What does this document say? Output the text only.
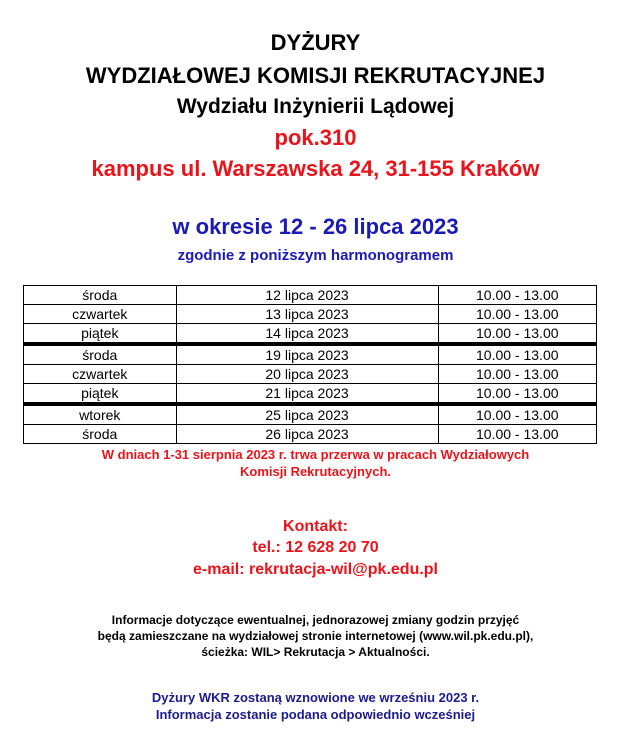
DYŻURY
WYDZIAŁOWEJ KOMISJI REKRUTACYJNEJ
Wydziału Inżynierii Lądowej
pok.310
kampus ul. Warszawska 24, 31-155 Kraków
w okresie 12 - 26 lipca 2023
zgodnie z poniższym harmonogramem
środa	12 lipca 2023	10.00 - 13.00
czwartek	13 lipca 2023	10.00 - 13.00
piątek	14 lipca 2023	10.00 - 13.00

środa	19 lipca 2023	10.00 - 13.00
czwartek	20 lipca 2023	10.00 - 13.00
piątek	21 lipca 2023	10.00 - 13.00

wtorek	25 lipca 2023	10.00 - 13.00
środa	26 lipca 2023	10.00 - 13.00
W dniach 1-31 sierpnia 2023 r. trwa przerwa w pracach Wydziałowych
Komisji Rekrutacyjnych.
Kontakt:
tel.: 12 628 20 70
e-mail: rekrutacja-wil@pk.edu.pl
Informacje dotyczące ewentualnej, jednorazowej zmiany godzin przyjęć
będą zamieszczane na wydziałowej stronie internetowej (www.wil.pk.edu.pl),
ścieżka: WIL> Rekrutacja > Aktualności.
Dyżury WKR zostaną wznowione we wrześniu 2023 r.
Informacja zostanie podana odpowiednio wcześniej
